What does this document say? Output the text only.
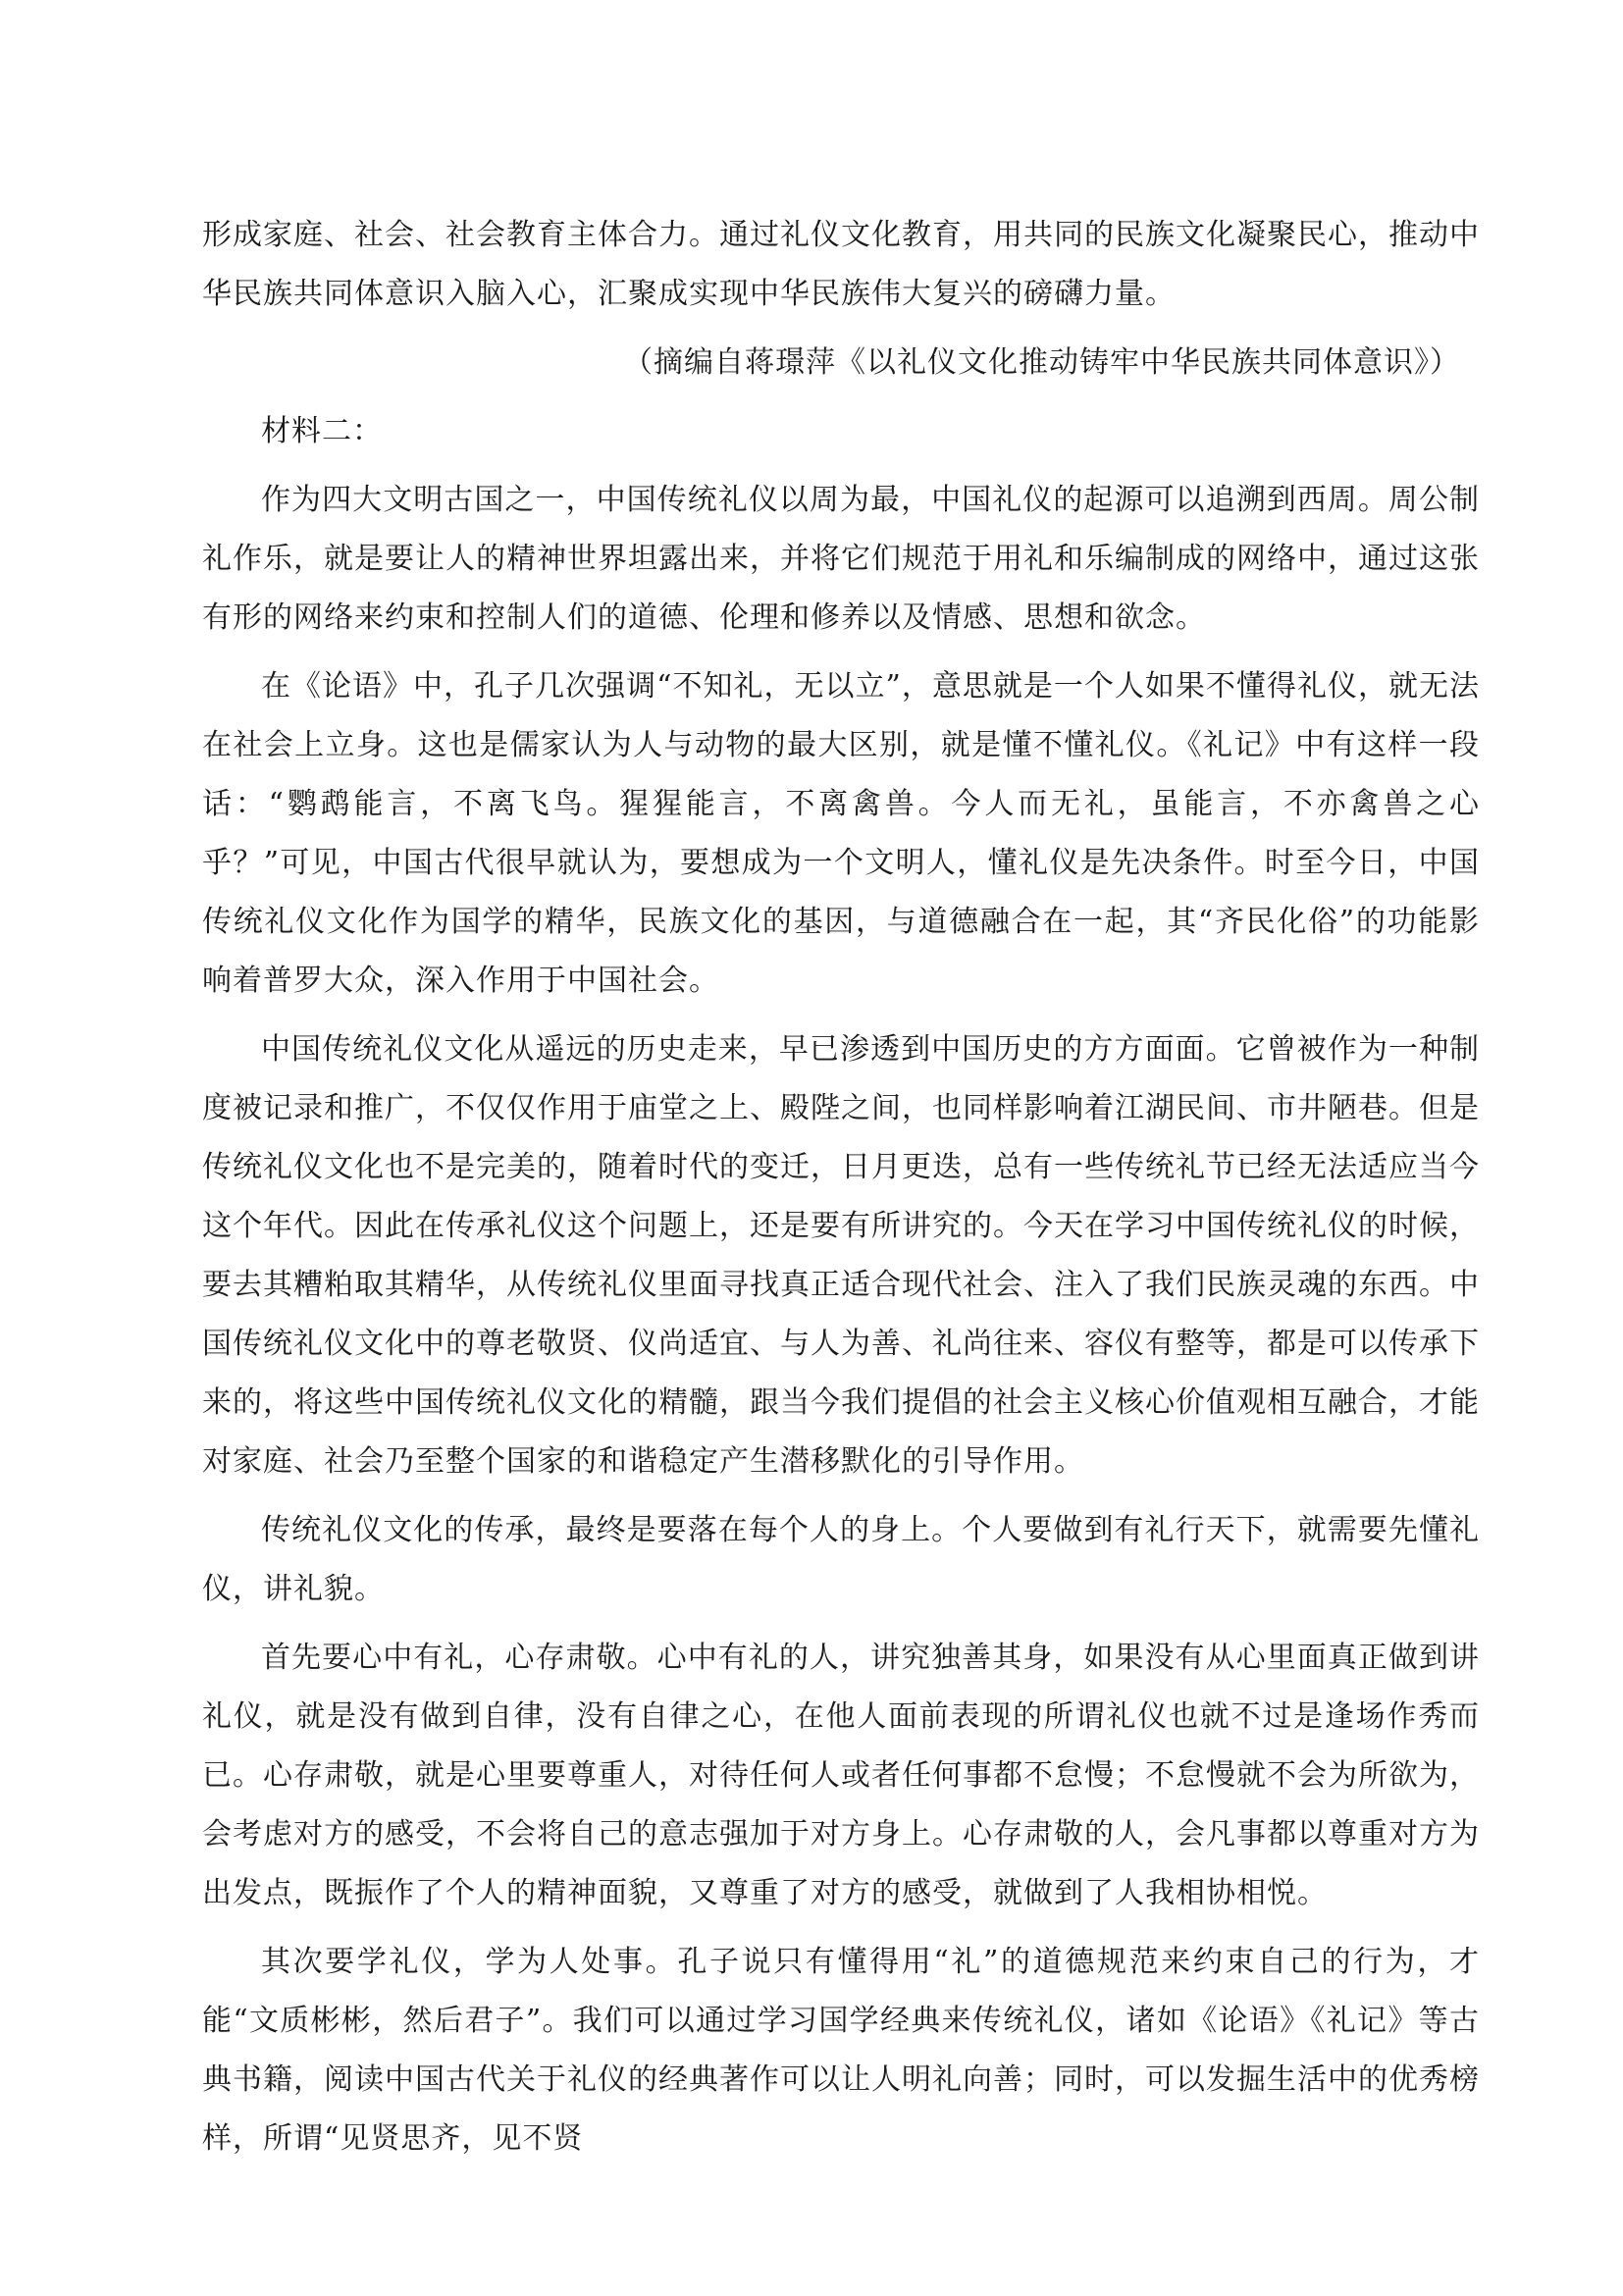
形成家庭、社会、社会教育主体合力。通过礼仪文化教育，用共同的民族文化凝聚民心，推动中华民族共同体意识入脑入心，汇聚成实现中华民族伟大复兴的磅礴力量。

（摘编自蒋璟萍《以礼仪文化推动铸牢中华民族共同体意识》）

材料二：

作为四大文明古国之一，中国传统礼仪以周为最，中国礼仪的起源可以追溯到西周。周公制礼作乐，就是要让人的精神世界坦露出来，并将它们规范于用礼和乐编制成的网络中，通过这张有形的网络来约束和控制人们的道德、伦理和修养以及情感、思想和欲念。

在《论语》中，孔子几次强调“不知礼，无以立”，意思就是一个人如果不懂得礼仪，就无法在社会上立身。这也是儒家认为人与动物的最大区别，就是懂不懂礼仪。《礼记》中有这样一段话：“鹦鹉能言，不离飞鸟。猩猩能言，不离禽兽。今人而无礼，虽能言，不亦禽兽之心乎？”可见，中国古代很早就认为，要想成为一个文明人，懂礼仪是先决条件。时至今日，中国传统礼仪文化作为国学的精华，民族文化的基因，与道德融合在一起，其“齐民化俗”的功能影响着普罗大众，深入作用于中国社会。

中国传统礼仪文化从遥远的历史走来，早已渗透到中国历史的方方面面。它曾被作为一种制度被记录和推广，不仅仅作用于庙堂之上、殿陛之间，也同样影响着江湖民间、市井陋巷。但是传统礼仪文化也不是完美的，随着时代的变迁，日月更迭，总有一些传统礼节已经无法适应当今这个年代。因此在传承礼仪这个问题上，还是要有所讲究的。今天在学习中国传统礼仪的时候，要去其糟粕取其精华，从传统礼仪里面寻找真正适合现代社会、注入了我们民族灵魂的东西。中国传统礼仪文化中的尊老敬贤、仪尚适宜、与人为善、礼尚往来、容仪有整等，都是可以传承下来的，将这些中国传统礼仪文化的精髓，跟当今我们提倡的社会主义核心价值观相互融合，才能对家庭、社会乃至整个国家的和谐稳定产生潜移默化的引导作用。

传统礼仪文化的传承，最终是要落在每个人的身上。个人要做到有礼行天下，就需要先懂礼仪，讲礼貌。

首先要心中有礼，心存肃敬。心中有礼的人，讲究独善其身，如果没有从心里面真正做到讲礼仪，就是没有做到自律，没有自律之心，在他人面前表现的所谓礼仪也就不过是逢场作秀而已。心存肃敬，就是心里要尊重人，对待任何人或者任何事都不怠慢；不怠慢就不会为所欲为，会考虑对方的感受，不会将自己的意志强加于对方身上。心存肃敬的人，会凡事都以尊重对方为出发点，既振作了个人的精神面貌，又尊重了对方的感受，就做到了人我相协相悦。

其次要学礼仪，学为人处事。孔子说只有懂得用“礼”的道德规范来约束自己的行为，才能“文质彬彬，然后君子”。我们可以通过学习国学经典来传统礼仪，诸如《论语》《礼记》等古典书籍，阅读中国古代关于礼仪的经典著作可以让人明礼向善；同时，可以发掘生活中的优秀榜样，所谓“见贤思齐，见不贤
